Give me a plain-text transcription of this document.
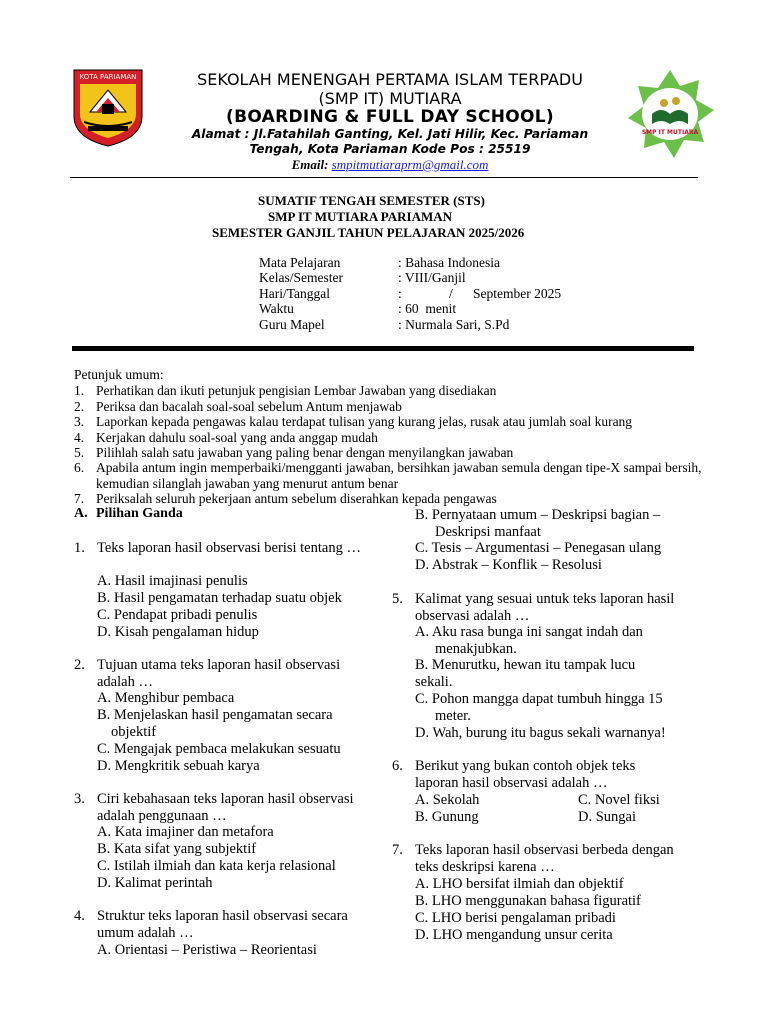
KOTA PARIAMAN
SMP IT MUTIARA
SEKOLAH MENENGAH PERTAMA ISLAM TERPADU
(SMP IT) MUTIARA
(BOARDING & FULL DAY SCHOOL)
Alamat : Jl.Fatahilah Ganting, Kel. Jati Hilir, Kec. Pariaman
Tengah, Kota Pariaman Kode Pos : 25519
Email: smpitmutiaraprm@gmail.com
SUMATIF TENGAH SEMESTER (STS)
SMP IT MUTIARA PARIAMAN
SEMESTER GANJIL TAHUN PELAJARAN 2025/2026
Mata Pelajaran	: Bahasa Indonesia
Kelas/Semester	: VIII/Ganjil
Hari/Tanggal	:              /      September 2025
Waktu	: 60  menit
Guru Mapel	: Nurmala Sari, S.Pd
Petunjuk umum:
1. Perhatikan dan ikuti petunjuk pengisian Lembar Jawaban yang disediakan
2. Periksa dan bacalah soal-soal sebelum Antum menjawab
3. Laporkan kepada pengawas kalau terdapat tulisan yang kurang jelas, rusak atau jumlah soal kurang
4. Kerjakan dahulu soal-soal yang anda anggap mudah
5. Pilihlah salah satu jawaban yang paling benar dengan menyilangkan jawaban
6. Apabila antum ingin memperbaiki/mengganti jawaban, bersihkan jawaban semula dengan tipe-X sampai bersih, kemudian silanglah jawaban yang menurut antum benar
7. Periksalah seluruh pekerjaan antum sebelum diserahkan kepada pengawas
A. Pilihan Ganda
1. Teks laporan hasil observasi berisi tentang …
A. Hasil imajinasi penulis
B. Hasil pengamatan terhadap suatu objek
C. Pendapat pribadi penulis
D. Kisah pengalaman hidup
2. Tujuan utama teks laporan hasil observasi adalah …
A. Menghibur pembaca
B. Menjelaskan hasil pengamatan secara objektif
C. Mengajak pembaca melakukan sesuatu
D. Mengkritik sebuah karya
3. Ciri kebahasaan teks laporan hasil observasi adalah penggunaan …
A. Kata imajiner dan metafora
B. Kata sifat yang subjektif
C. Istilah ilmiah dan kata kerja relasional
D. Kalimat perintah
4. Struktur teks laporan hasil observasi secara umum adalah …
A. Orientasi – Peristiwa – Reorientasi
B. Pernyataan umum – Deskripsi bagian – Deskripsi manfaat
C. Tesis – Argumentasi – Penegasan ulang
D. Abstrak – Konflik – Resolusi
5. Kalimat yang sesuai untuk teks laporan hasil observasi adalah …
A. Aku rasa bunga ini sangat indah dan menakjubkan.
B. Menurutku, hewan itu tampak lucu sekali.
C. Pohon mangga dapat tumbuh hingga 15 meter.
D. Wah, burung itu bagus sekali warnanya!
6. Berikut yang bukan contoh objek teks laporan hasil observasi adalah …
A. Sekolah	C. Novel fiksi
B. Gunung	D. Sungai
7. Teks laporan hasil observasi berbeda dengan teks deskripsi karena …
A. LHO bersifat ilmiah dan objektif
B. LHO menggunakan bahasa figuratif
C. LHO berisi pengalaman pribadi
D. LHO mengandung unsur cerita
